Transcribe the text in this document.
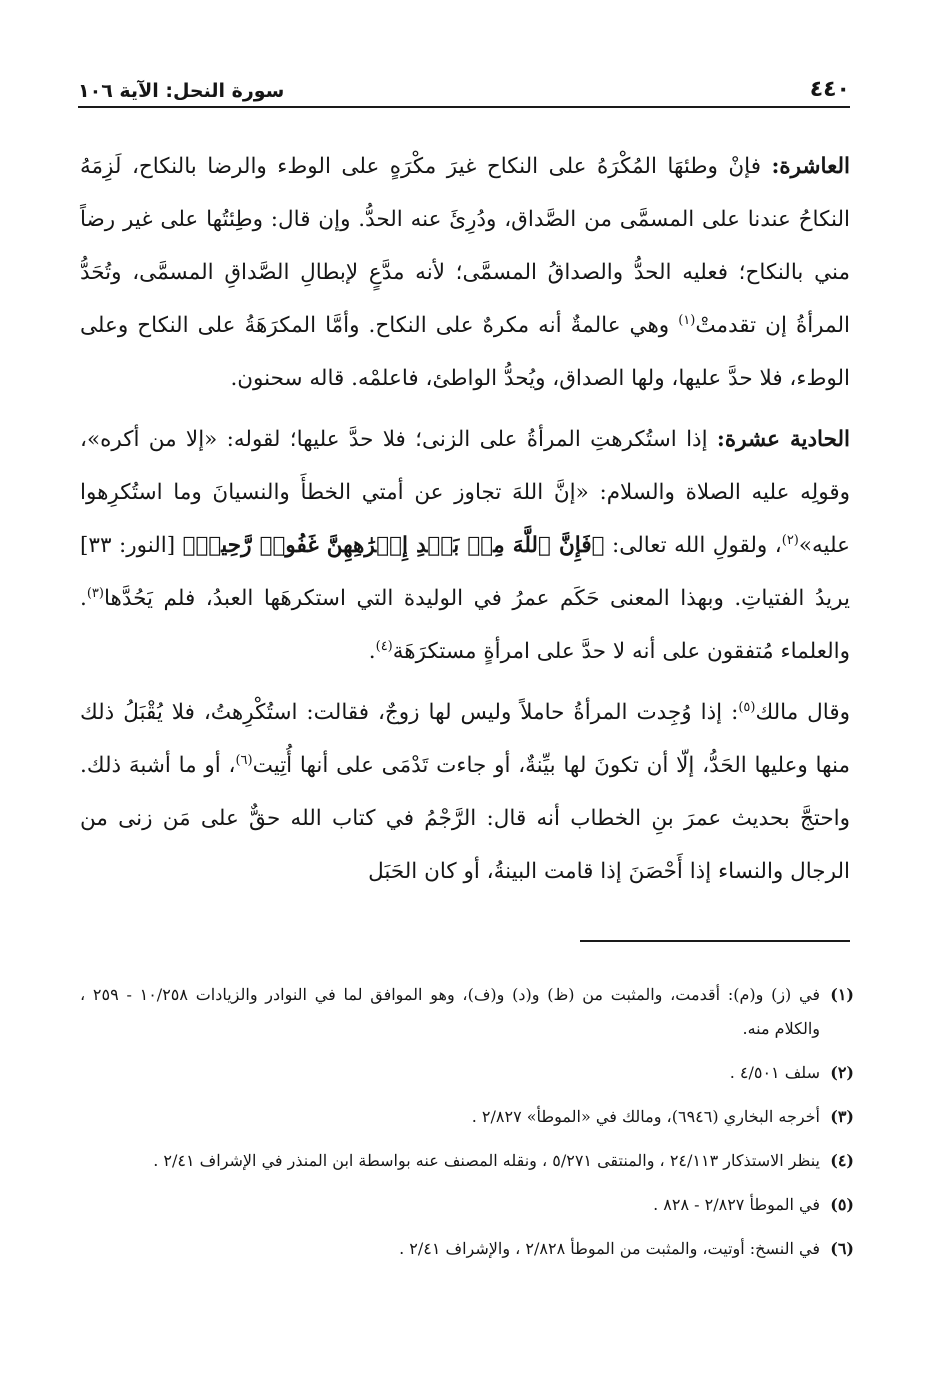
٤٤٠
سورة النحل: الآية ١٠٦

العاشرة: فإنْ وطئهَا المُكْرَهُ على النكاح غيرَ مكْرَهٍ على الوطء والرضا بالنكاح، لَزِمَهُ النكاحُ عندنا على المسمَّى من الصَّداق، ودُرِئَ عنه الحدُّ. وإن قال: وطِئتُها على غير رضاً مني بالنكاح؛ فعليه الحدُّ والصداقُ المسمَّى؛ لأنه مدَّعٍ لإبطالِ الصَّداقِ المسمَّى، وتُحَدُّ المرأةُ إن تقدمتْ$^{(١)}$ وهي عالمةٌ أنه مكرهٌ على النكاح. وأمَّا المكرَهَةُ على النكاح وعلى الوطء، فلا حدَّ عليها، ولها الصداق، ويُحدُّ الواطئ، فاعلمْه. قاله سحنون.

الحادية عشرة: إذا استُكرهتِ المرأةُ على الزنى؛ فلا حدَّ عليها؛ لقوله: «إلا من أكره»، وقولِه عليه الصلاة والسلام: «إنَّ اللهَ تجاوز عن أمتي الخطأَ والنسيانَ وما استُكرِهوا عليه»$^{(٢)}$، ولقولِ الله تعالى: ﴿فَإِنَّ ٱللَّهَ مِنۢ بَعۡدِ إِكۡرَٰهِهِنَّ غَفُورٞ رَّحِيمٞ﴾ [النور: ٣٣] يريدُ الفتياتِ. وبهذا المعنى حَكَم عمرُ في الوليدة التي استكرهَها العبدُ، فلم يَحُدَّها$^{(٣)}$. والعلماء مُتفقون على أنه لا حدَّ على امرأةٍ مستكرَهَة$^{(٤)}$.

وقال مالك$^{(٥)}$: إذا وُجِدت المرأةُ حاملاً وليس لها زوجٌ، فقالت: استُكْرِهتُ، فلا يُقْبَلُ ذلك منها وعليها الحَدُّ، إلّا أن تكونَ لها بيِّنةٌ، أو جاءت تَدْمَى على أنها أُتِيت$^{(٦)}$، أو ما أشبهَ ذلك. واحتجَّ بحديث عمرَ بنِ الخطاب أنه قال: الرَّجْمُ في كتاب الله حقٌّ على مَن زنى من الرجال والنساء إذا أَحْصَنَ إذا قامت البينةُ، أو كان الحَبَل

(١)
في (ز) و(م): أقدمت، والمثبت من (ظ) و(د) و(ف)، وهو الموافق لما في النوادر والزيادات ١٠/٢٥٨ - ٢٥٩ ، والكلام منه.
(٢)
سلف ٤/٥٠١ .
(٣)
أخرجه البخاري (٦٩٤٦)، ومالك في «الموطأ» ٢/٨٢٧ .
(٤)
ينظر الاستذكار ٢٤/١١٣ ، والمنتقى ٥/٢٧١ ، ونقله المصنف عنه بواسطة ابن المنذر في الإشراف ٢/٤١ .
(٥)
في الموطأ ٢/٨٢٧ - ٨٢٨ .
(٦)
في النسخ: أوتيت، والمثبت من الموطأ ٢/٨٢٨ ، والإشراف ٢/٤١ .
